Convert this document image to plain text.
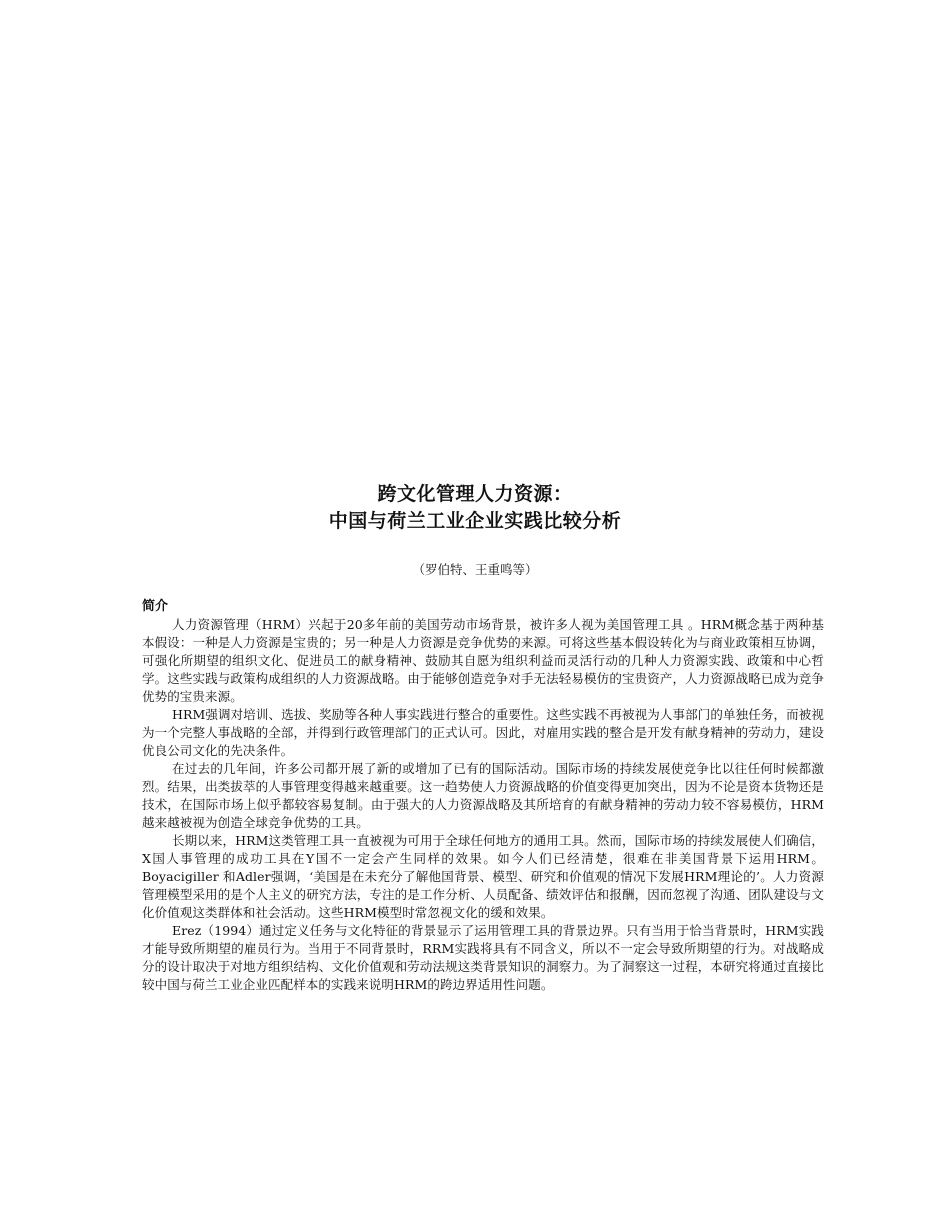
跨文化管理人力资源：
中国与荷兰工业企业实践比较分析
（罗伯特、王重鸣等）

简介

人力资源管理（HRM）兴起于20多年前的美国劳动市场背景，被许多人视为美国管理工具 。HRM概念基于两种基本假设：一种是人力资源是宝贵的；另一种是人力资源是竞争优势的来源。可将这些基本假设转化为与商业政策相互协调，可强化所期望的组织文化、促进员工的献身精神、鼓励其自愿为组织利益而灵活行动的几种人力资源实践、政策和中心哲学。这些实践与政策构成组织的人力资源战略。由于能够创造竞争对手无法轻易模仿的宝贵资产，人力资源战略已成为竞争优势的宝贵来源。

HRM强调对培训、选拔、奖励等各种人事实践进行整合的重要性。这些实践不再被视为人事部门的单独任务，而被视为一个完整人事战略的全部，并得到行政管理部门的正式认可。因此，对雇用实践的整合是开发有献身精神的劳动力，建设优良公司文化的先决条件。

在过去的几年间，许多公司都开展了新的或增加了已有的国际活动。国际市场的持续发展使竞争比以往任何时候都激烈。结果，出类拔萃的人事管理变得越来越重要。这一趋势使人力资源战略的价值变得更加突出，因为不论是资本货物还是技术，在国际市场上似乎都较容易复制。由于强大的人力资源战略及其所培育的有献身精神的劳动力较不容易模仿，HRM越来越被视为创造全球竞争优势的工具。

长期以来，HRM这类管理工具一直被视为可用于全球任何地方的通用工具。然而，国际市场的持续发展使人们确信，X国人事管理的成功工具在Y国不一定会产生同样的效果。如今人们已经清楚，很难在非美国背景下运用HRM。Boyacigiller 和Adler强调，‘美国是在未充分了解他国背景、模型、研究和价值观的情况下发展HRM理论的’。人力资源管理模型采用的是个人主义的研究方法，专注的是工作分析、人员配备、绩效评估和报酬，因而忽视了沟通、团队建设与文化价值观这类群体和社会活动。这些HRM模型时常忽视文化的缓和效果。

Erez（1994）通过定义任务与文化特征的背景显示了运用管理工具的背景边界。只有当用于恰当背景时，HRM实践才能导致所期望的雇员行为。当用于不同背景时，RRM实践将具有不同含义，所以不一定会导致所期望的行为。对战略成分的设计取决于对地方组织结构、文化价值观和劳动法规这类背景知识的洞察力。为了洞察这一过程，本研究将通过直接比较中国与荷兰工业企业匹配样本的实践来说明HRM的跨边界适用性问题。
